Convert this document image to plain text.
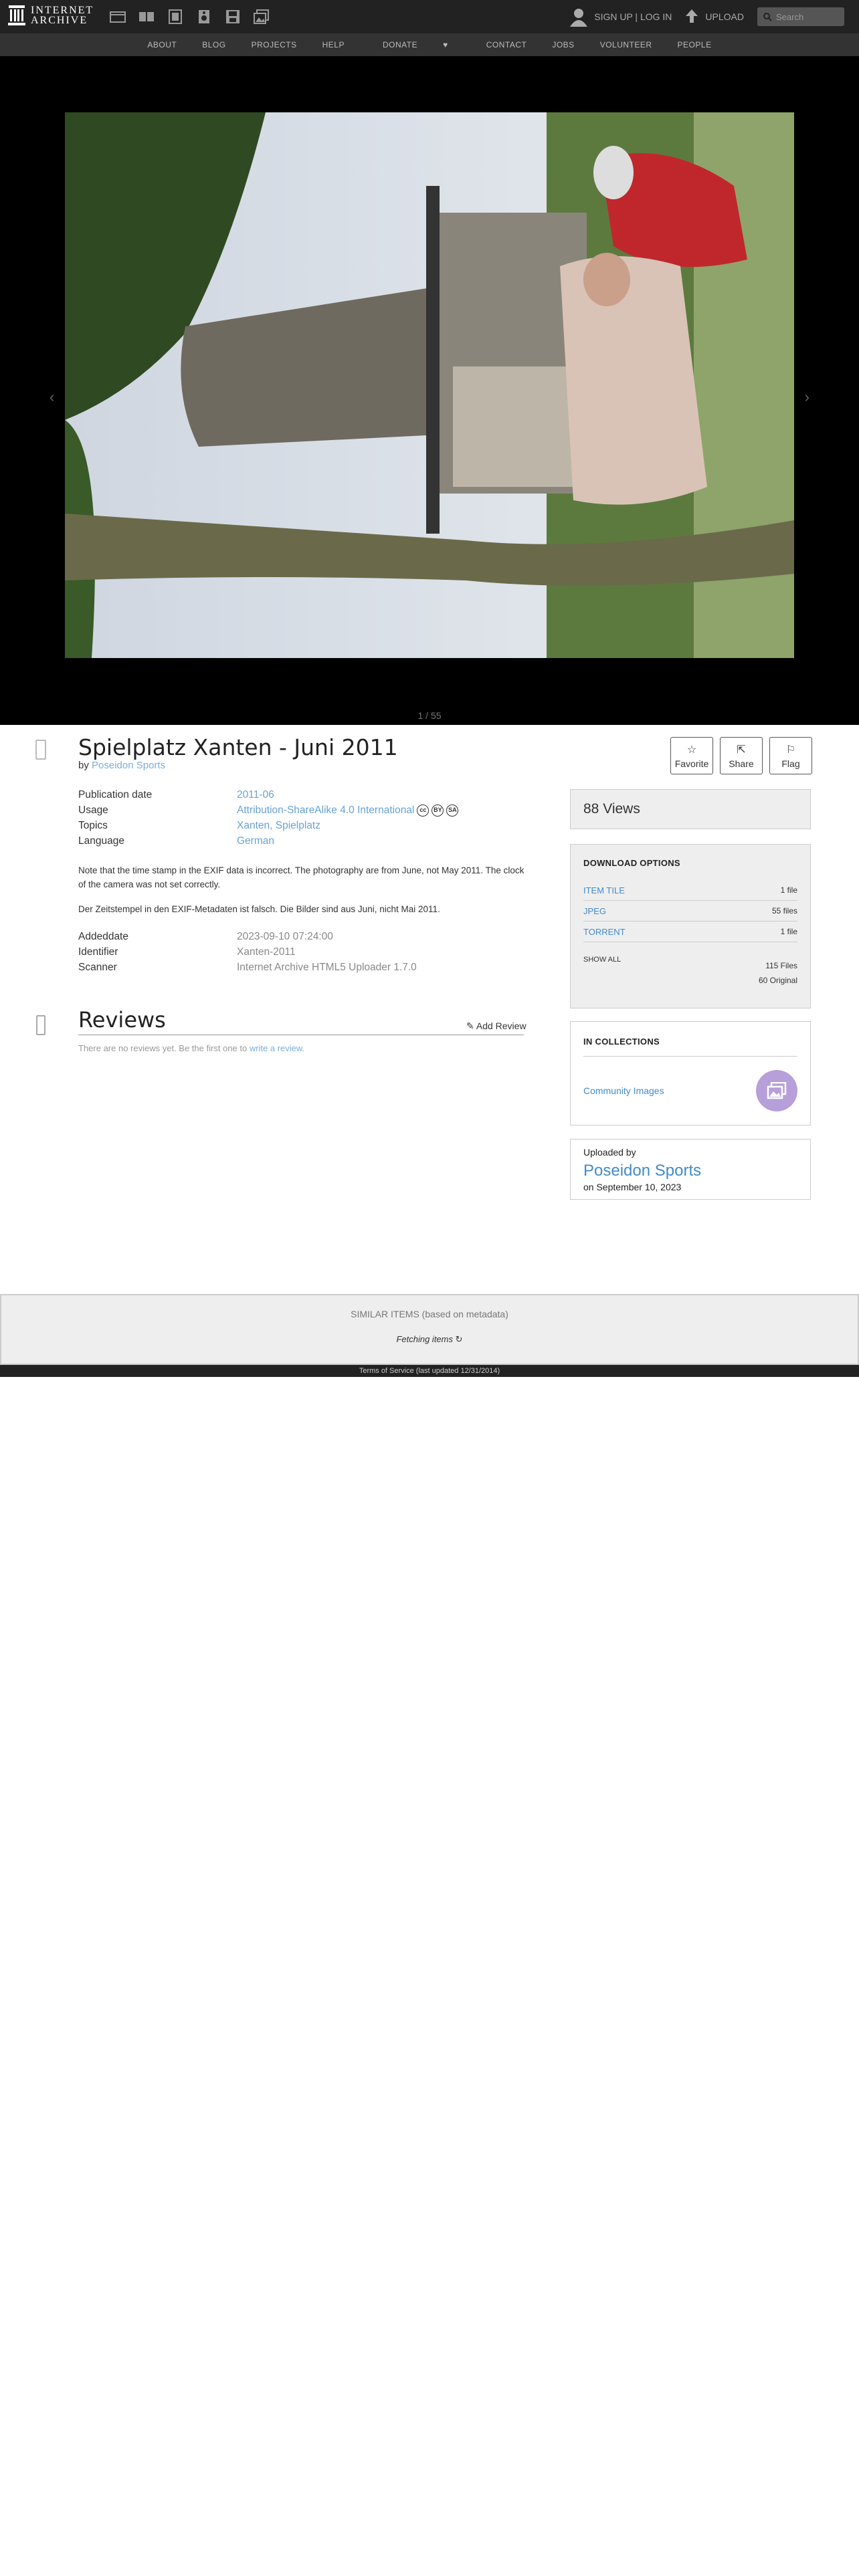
INTERNET
ARCHIVE	SIGN UP | LOG IN	UPLOAD	Search
ABOUT	BLOG	PROJECTS	HELP	DONATE	♥	CONTACT	JOBS	VOLUNTEER	PEOPLE
‹	›
1 / 55
Spielplatz Xanten - Juni 2011
by Poseidon Sports
☆
Favorite
⇱
Share
⚐
Flag
Publication date	2011-06
Usage	Attribution-ShareAlike 4.0 International cc	BY	SA
Topics	Xanten, Spielplatz
Language	German
Note that the time stamp in the EXIF data is incorrect. The photography are from June, not May 2011. The clock of the camera was not set correctly.
Der Zeitstempel in den EXIF-Metadaten ist falsch. Die Bilder sind aus Juni, nicht Mai 2011.
Addeddate	2023-09-10 07:24:00
Identifier	Xanten-2011
Scanner	Internet Archive HTML5 Uploader 1.7.0
Reviews	✎ Add Review
There are no reviews yet. Be the first one to write a review.
88 Views
DOWNLOAD OPTIONS
ITEM TILE	1 file
JPEG	55 files
TORRENT	1 file
SHOW ALL
115 Files
60 Original
IN COLLECTIONS
Community Images
Uploaded by
Poseidon Sports
on September 10, 2023
SIMILAR ITEMS (based on metadata)
Fetching items ↻
Terms of Service (last updated 12/31/2014)
